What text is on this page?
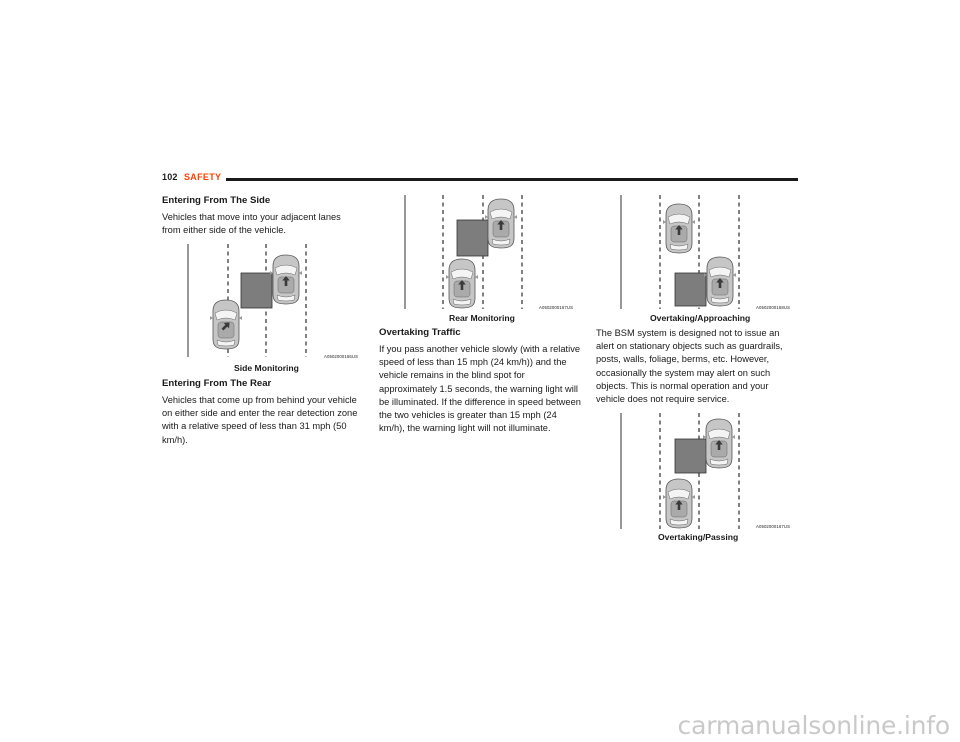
102 SAFETY
Entering From The Side

Vehicles that move into your adjacent lanes from either side of the vehicle.

A0502000166US
Side Monitoring
Entering From The Rear

Vehicles that come up from behind your vehicle on either side and enter the rear detection zone with a relative speed of less than 31 mph (50 km/h).

A0502000167US
Rear Monitoring
Overtaking Traffic

If you pass another vehicle slowly (with a relative speed of less than 15 mph (24 km/h)) and the vehicle remains in the blind spot for approximately 1.5 seconds, the warning light will be illuminated. If the difference in speed between the two vehicles is greater than 15 mph (24 km/h), the warning light will not illuminate.

A0502000168US
Overtaking/Approaching

The BSM system is designed not to issue an alert on stationary objects such as guardrails, posts, walls, foliage, berms, etc. However, occasionally the system may alert on such objects. This is normal operation and your vehicle does not require service.

A0502000167US
Overtaking/Passing
carmanualsonline.info
